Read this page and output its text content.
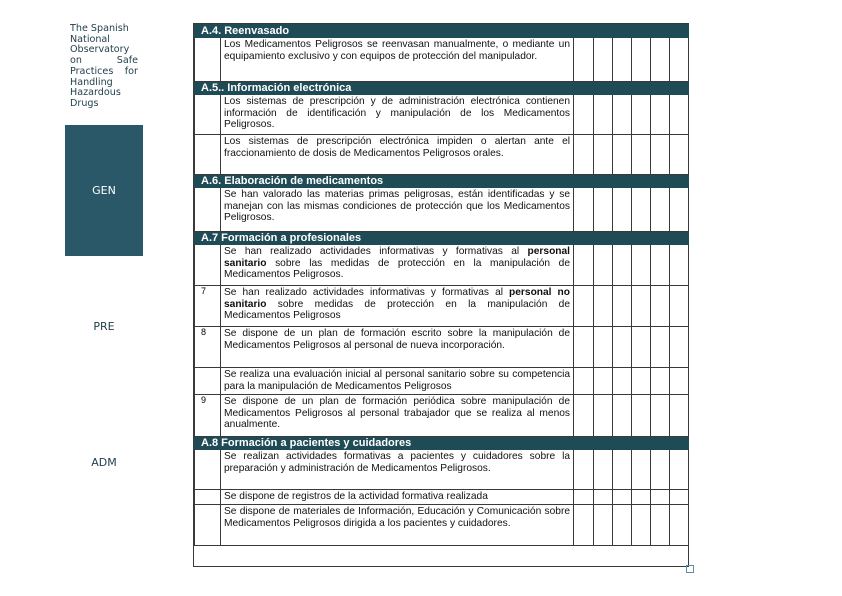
The Spanish
National
Observatory
on Safe
Practices for
Handling
Hazardous
Drugs
GEN
PRE
ADM
A.4. Reenvasado							
	Los Medicamentos Peligrosos se reenvasan manualmente, o mediante un equipamiento exclusivo y con equipos de protección del manipulador.						
A.5.. Información electrónica							
	Los sistemas de prescripción y de administración electrónica contienen información de identificación y manipulación de los Medicamentos Peligrosos.						
	Los sistemas de prescripción electrónica impiden o alertan ante el fraccionamiento de dosis de Medicamentos Peligrosos orales.						
A.6. Elaboración de medicamentos							
	Se han valorado las materias primas peligrosas, están identificadas y se manejan con las mismas condiciones de protección que los Medicamentos Peligrosos.						
A.7 Formación a profesionales							
	Se han realizado actividades informativas y formativas al personal sanitario sobre las medidas de protección en la manipulación de Medicamentos Peligrosos.						
7	Se han realizado actividades informativas y formativas al personal no sanitario sobre medidas de protección en la manipulación de Medicamentos Peligrosos						
8	Se dispone de un plan de formación escrito sobre la manipulación de Medicamentos Peligrosos al personal de nueva incorporación.						
	Se realiza una evaluación inicial al personal sanitario sobre su competencia para la manipulación de Medicamentos Peligrosos						
9	Se dispone de un plan de formación periódica sobre manipulación de Medicamentos Peligrosos al personal trabajador que se realiza al menos anualmente.						
A.8 Formación a pacientes y cuidadores							
	Se realizan actividades formativas a pacientes y cuidadores sobre la preparación y administración de Medicamentos Peligrosos.						
	Se dispone de registros de la actividad formativa realizada						
	Se dispone de materiales de Información, Educación y Comunicación sobre Medicamentos Peligrosos dirigida a los pacientes y cuidadores.						
